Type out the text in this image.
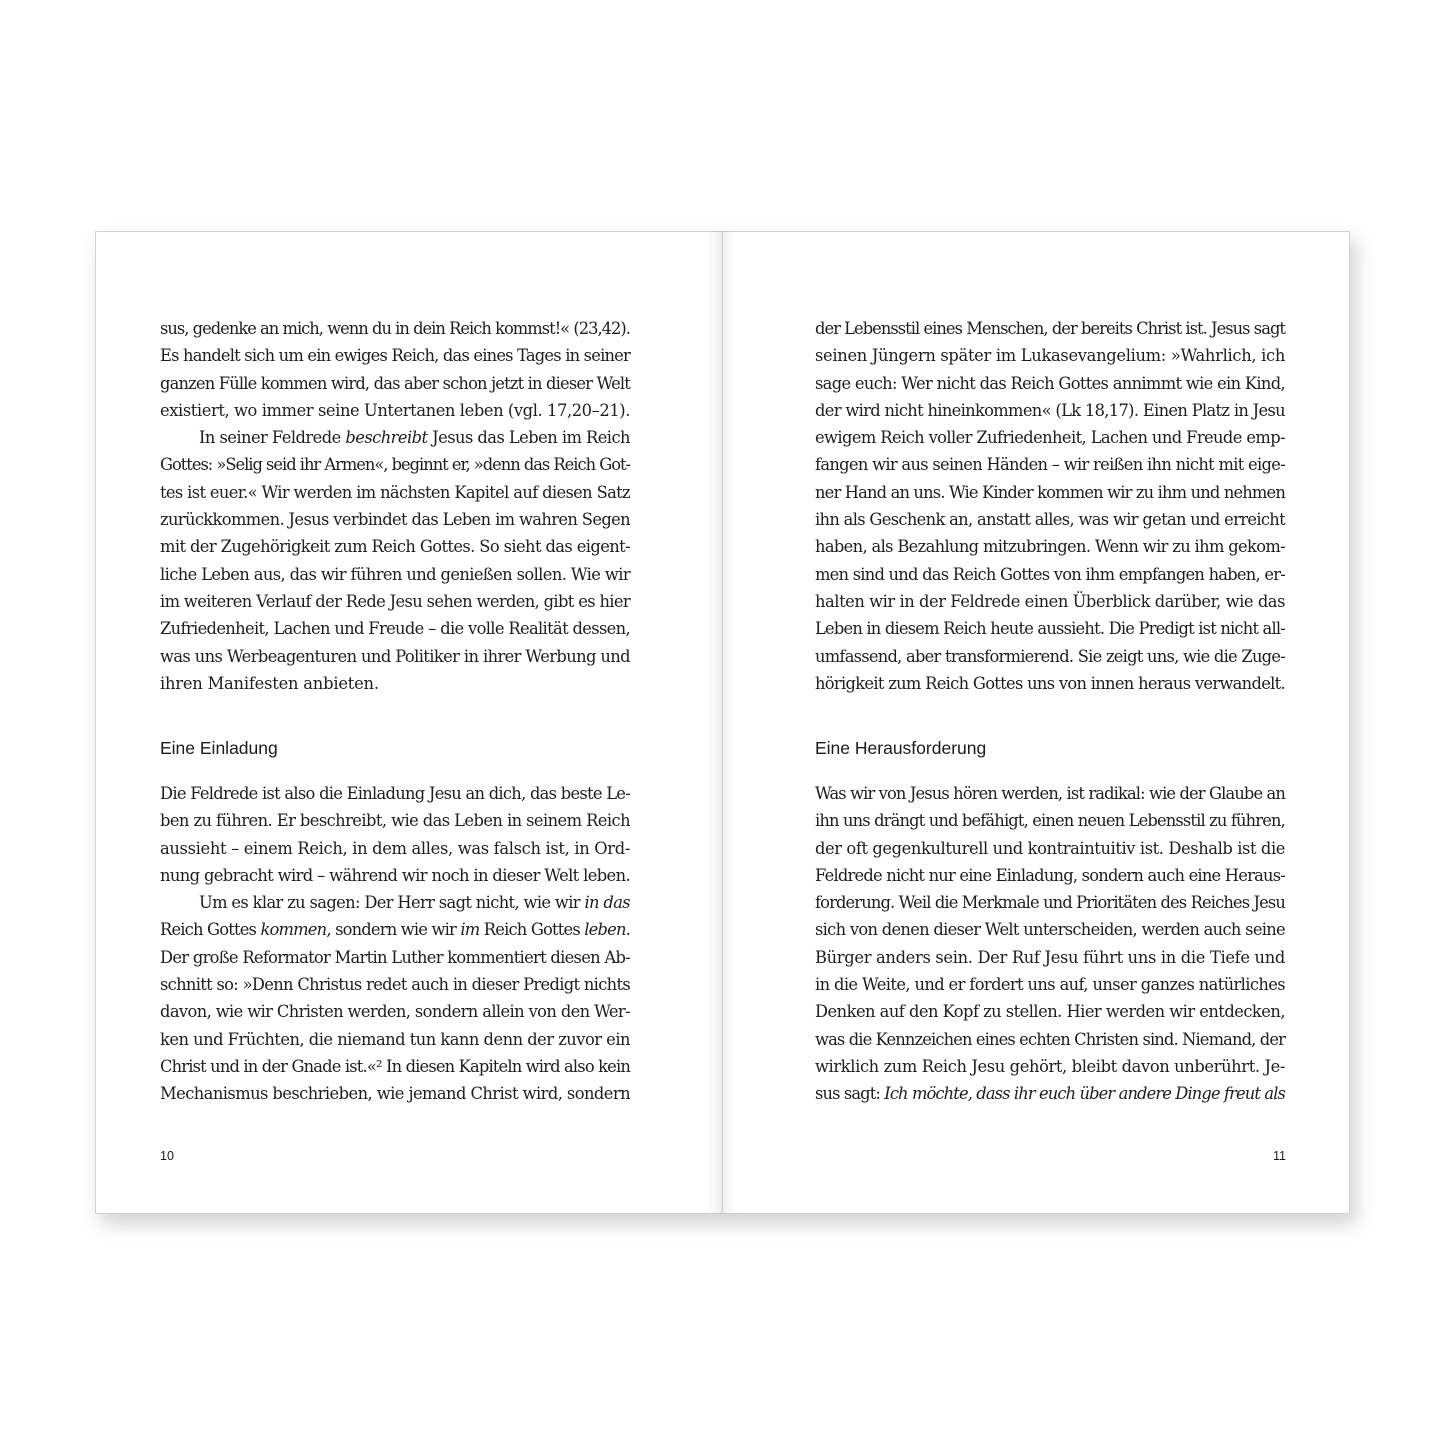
sus, gedenke an mich, wenn du in dein Reich kommst!« (23,42).
Es handelt sich um ein ewiges Reich, das eines Tages in seiner
ganzen Fülle kommen wird, das aber schon jetzt in dieser Welt
existiert, wo immer seine Untertanen leben (vgl. 17,20–21).
In seiner Feldrede beschreibt Jesus das Leben im Reich
Gottes: »Selig seid ihr Armen«, beginnt er, »denn das Reich Got-
tes ist euer.« Wir werden im nächsten Kapitel auf diesen Satz
zurückkommen. Jesus verbindet das Leben im wahren Segen
mit der Zugehörigkeit zum Reich Gottes. So sieht das eigent-
liche Leben aus, das wir führen und genießen sollen. Wie wir
im weiteren Verlauf der Rede Jesu sehen werden, gibt es hier
Zufriedenheit, Lachen und Freude – die volle Realität dessen,
was uns Werbeagenturen und Politiker in ihrer Werbung und
ihren Manifesten anbieten.
Eine Einladung
Die Feldrede ist also die Einladung Jesu an dich, das beste Le-
ben zu führen. Er beschreibt, wie das Leben in seinem Reich
aussieht – einem Reich, in dem alles, was falsch ist, in Ord-
nung gebracht wird – während wir noch in dieser Welt leben.
Um es klar zu sagen: Der Herr sagt nicht, wie wir in das
Reich Gottes kommen, sondern wie wir im Reich Gottes leben.
Der große Reformator Martin Luther kommentiert diesen Ab-
schnitt so: »Denn Christus redet auch in dieser Predigt nichts
davon, wie wir Christen werden, sondern allein von den Wer-
ken und Früchten, die niemand tun kann denn der zuvor ein
Christ und in der Gnade ist.«² In diesen Kapiteln wird also kein
Mechanismus beschrieben, wie jemand Christ wird, sondern
10
der Lebensstil eines Menschen, der bereits Christ ist. Jesus sagt
seinen Jüngern später im Lukasevangelium: »Wahrlich, ich
sage euch: Wer nicht das Reich Gottes annimmt wie ein Kind,
der wird nicht hineinkommen« (Lk 18,17). Einen Platz in Jesu
ewigem Reich voller Zufriedenheit, Lachen und Freude emp-
fangen wir aus seinen Händen – wir reißen ihn nicht mit eige-
ner Hand an uns. Wie Kinder kommen wir zu ihm und nehmen
ihn als Geschenk an, anstatt alles, was wir getan und erreicht
haben, als Bezahlung mitzubringen. Wenn wir zu ihm gekom-
men sind und das Reich Gottes von ihm empfangen haben, er-
halten wir in der Feldrede einen Überblick darüber, wie das
Leben in diesem Reich heute aussieht. Die Predigt ist nicht all-
umfassend, aber transformierend. Sie zeigt uns, wie die Zuge-
hörigkeit zum Reich Gottes uns von innen heraus verwandelt.
Eine Herausforderung
Was wir von Jesus hören werden, ist radikal: wie der Glaube an
ihn uns drängt und befähigt, einen neuen Lebensstil zu führen,
der oft gegenkulturell und kontraintuitiv ist. Deshalb ist die
Feldrede nicht nur eine Einladung, sondern auch eine Heraus-
forderung. Weil die Merkmale und Prioritäten des Reiches Jesu
sich von denen dieser Welt unterscheiden, werden auch seine
Bürger anders sein. Der Ruf Jesu führt uns in die Tiefe und
in die Weite, und er fordert uns auf, unser ganzes natürliches
Denken auf den Kopf zu stellen. Hier werden wir entdecken,
was die Kennzeichen eines echten Christen sind. Niemand, der
wirklich zum Reich Jesu gehört, bleibt davon unberührt. Je-
sus sagt: Ich möchte, dass ihr euch über andere Dinge freut als
11
